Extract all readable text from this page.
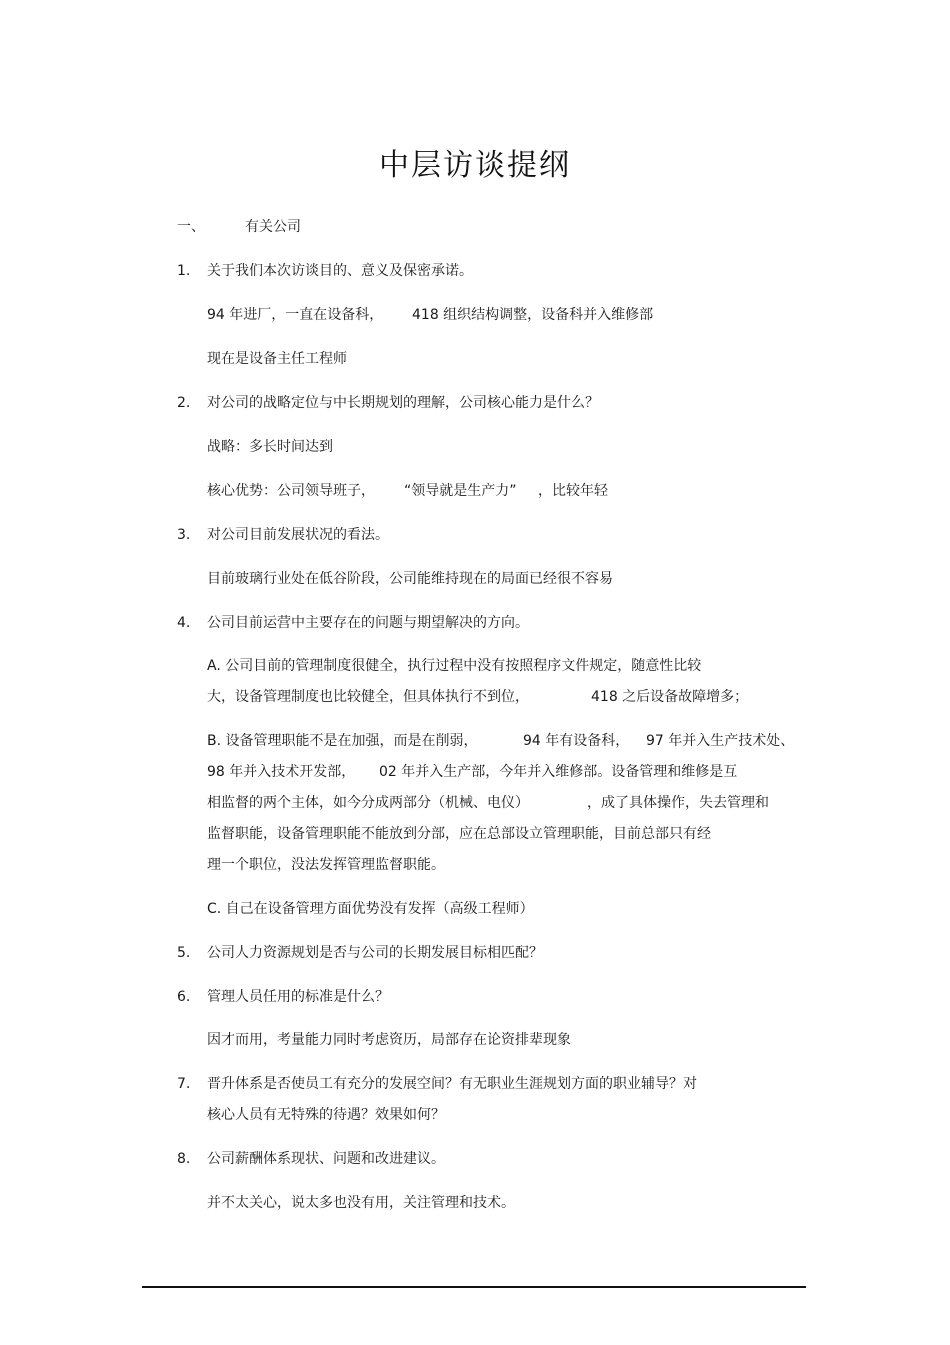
中层访谈提纲
一、	有关公司
1. 关于我们本次访谈目的、意义及保密承诺。
94 年进厂，一直在设备科， 418 组织结构调整，设备科并入维修部
现在是设备主任工程师
2. 对公司的战略定位与中长期规划的理解，公司核心能力是什么？
战略：多长时间达到
核心优势：公司领导班子， “领导就是生产力” ，比较年轻
3. 对公司目前发展状况的看法。
目前玻璃行业处在低谷阶段，公司能维持现在的局面已经很不容易
4. 公司目前运营中主要存在的问题与期望解决的方向。
A. 公司目前的管理制度很健全，执行过程中没有按照程序文件规定，随意性比较
大，设备管理制度也比较健全，但具体执行不到位，	418 之后设备故障增多；
B. 设备管理职能不是在加强，而是在削弱，	94 年有设备科， 97 年并入生产技术处、
98 年并入技术开发部， 02 年并入生产部，今年并入维修部。设备管理和维修是互
相监督的两个主体，如今分成两部分（机械、电仪）	，成了具体操作，失去管理和
监督职能，设备管理职能不能放到分部，应在总部设立管理职能，目前总部只有经
理一个职位，没法发挥管理监督职能。
C. 自己在设备管理方面优势没有发挥（高级工程师）
5. 公司人力资源规划是否与公司的长期发展目标相匹配？
6. 管理人员任用的标准是什么？
因才而用，考量能力同时考虑资历，局部存在论资排辈现象
7. 晋升体系是否使员工有充分的发展空间？有无职业生涯规划方面的职业辅导？对
核心人员有无特殊的待遇？效果如何？
8. 公司薪酬体系现状、问题和改进建议。
并不太关心，说太多也没有用，关注管理和技术。
